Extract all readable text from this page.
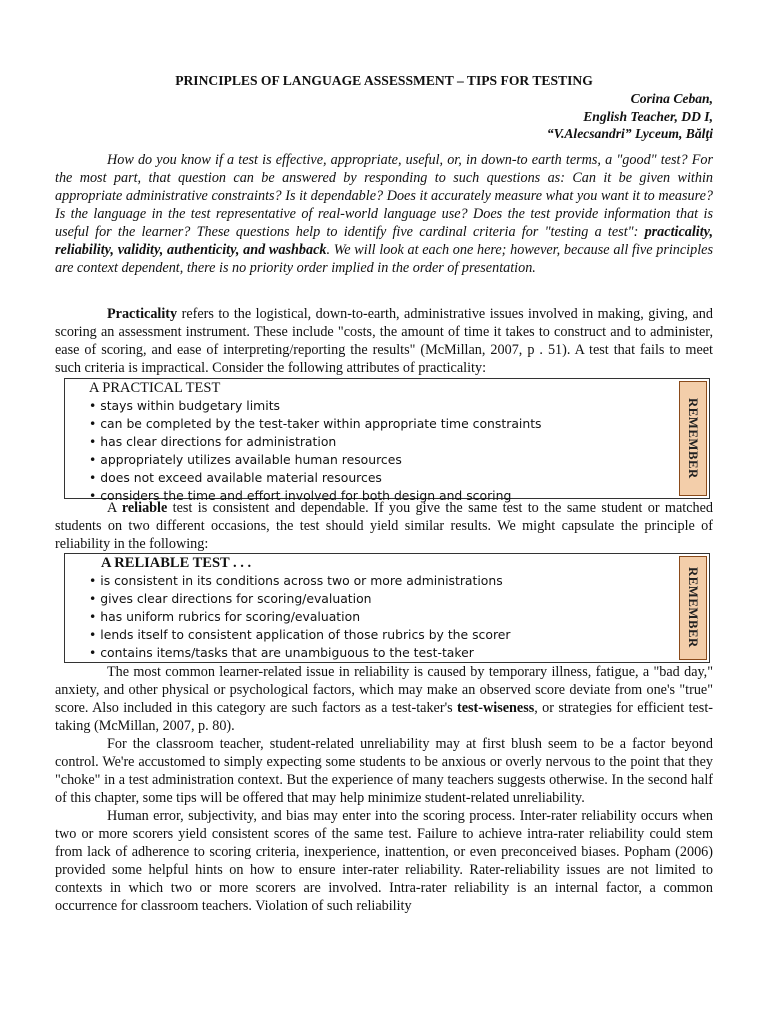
PRINCIPLES OF LANGUAGE ASSESSMENT – TIPS FOR TESTING

Corina Ceban,
English Teacher, DD I,
“V.Alecsandri” Lyceum, Bălţi

How do you know if a test is effective, appropriate, useful, or, in down-to earth terms, a "good" test? For the most part, that question can be answered by responding to such questions as: Can it be given within appropriate administrative constraints? Is it dependable? Does it accurately measure what you want it to measure? Is the language in the test representative of real-world language use? Does the test provide information that is useful for the learner? These questions help to identify five cardinal criteria for "testing a test": practicality, reliability, validity, authenticity, and washback. We will look at each one here; however, because all five principles are context dependent, there is no priority order implied in the order of presentation.

Practicality refers to the logistical, down-to-earth, administrative issues involved in making, giving, and scoring an assessment instrument. These include "costs, the amount of time it takes to construct and to administer, ease of scoring, and ease of interpreting/reporting the results" (McMillan, 2007, p . 51). A test that fails to meet such criteria is impractical. Consider the following attributes of practicality:

A PRACTICAL TEST
• stays within budgetary limits
• can be completed by the test-taker within appropriate time constraints
• has clear directions for administration
• appropriately utilizes available human resources
• does not exceed available material resources
• considers the time and effort involved for both design and scoring
REMEMBER

A reliable test is consistent and dependable. If you give the same test to the same student or matched students on two different occasions, the test should yield similar results. We might capsulate the principle of reliability in the following:

A RELIABLE TEST . . .
• is consistent in its conditions across two or more administrations
• gives clear directions for scoring/evaluation
• has uniform rubrics for scoring/evaluation
• lends itself to consistent application of those rubrics by the scorer
• contains items/tasks that are unambiguous to the test-taker
REMEMBER

The most common learner-related issue in reliability is caused by temporary illness, fatigue, a "bad day," anxiety, and other physical or psychological factors, which may make an observed score deviate from one's "true" score. Also included in this category are such factors as a test-taker's test-wiseness, or strategies for efficient test-taking (McMillan, 2007, p. 80).

For the classroom teacher, student-related unreliability may at first blush seem to be a factor beyond control. We're accustomed to simply expecting some students to be anxious or overly nervous to the point that they "choke" in a test administration context. But the experience of many teachers suggests otherwise. In the second half of this chapter, some tips will be offered that may help minimize student-related unreliability.

Human error, subjectivity, and bias may enter into the scoring process. Inter-rater reliability occurs when two or more scorers yield consistent scores of the same test. Failure to achieve intra-rater reliability could stem from lack of adherence to scoring criteria, inexperience, inattention, or even preconceived biases. Popham (2006) provided some helpful hints on how to ensure inter-rater reliability. Rater-reliability issues are not limited to contexts in which two or more scorers are involved. Intra-rater reliability is an internal factor, a common occurrence for classroom teachers. Violation of such reliability
